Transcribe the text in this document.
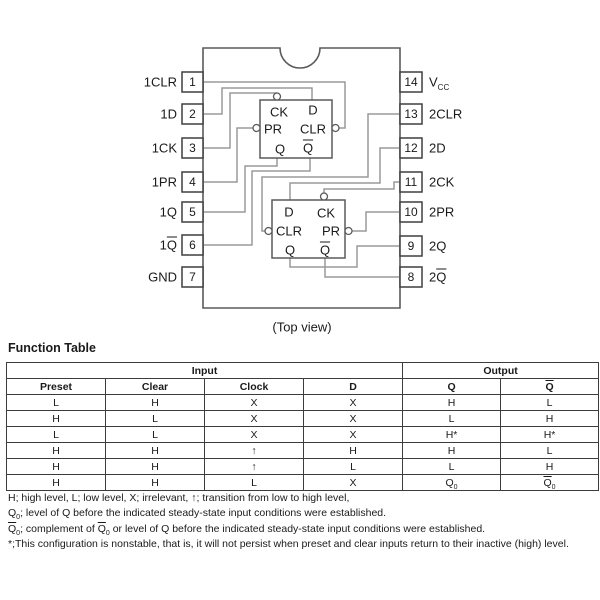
CK D
PR CLR
Q $\overline{Q}$
D CK
CLR PR
Q $\overline{Q}$
1
1CLR
2
1D
3
1CK
4
1PR
5
1Q
6
$1\overline{Q}$
7
GND
14 $V_{CC}$
13 2CLR
12 2D
11 2CK
10 2PR
9 2Q
8 $2\overline{Q}$
(Top view)
Function Table
Input				Output	
Preset	Clear	Clock	D	Q	$\overline{Q}$
L	H	X	X	H	L
H	L	X	X	L	H
L	L	X	X	H*	H*
H	H	↑	H	H	L
H	H	↑	L	L	H
H	H	L	X	$Q_0$	$\overline{Q}_0$
H; high level, L; low level, X; irrelevant, ↑; transition from low to high level,
$Q_0$; level of Q before the indicated steady-state input conditions were established.
$\overline{Q}_0$; complement of $\overline{Q}_0$ or level of Q before the indicated steady-state input conditions were established.
*;This configuration is nonstable, that is, it will not persist when preset and clear inputs return to their inactive (high) level.
